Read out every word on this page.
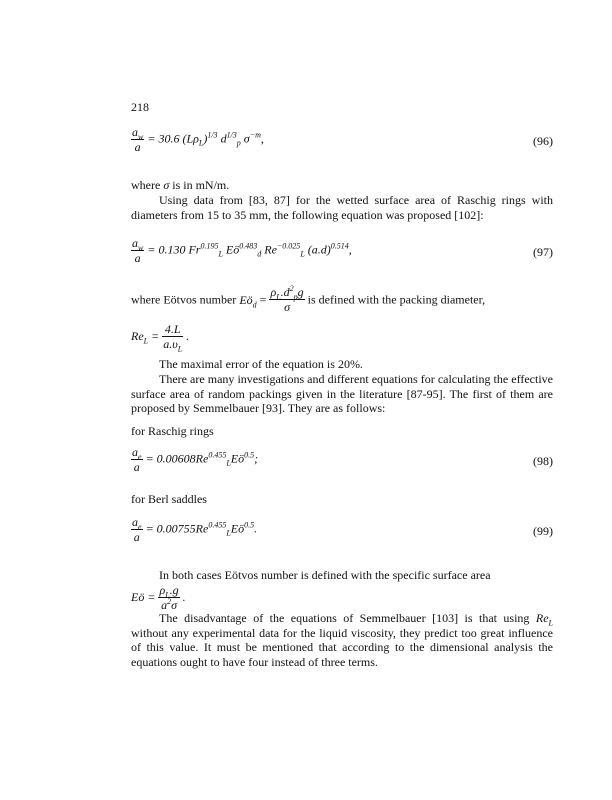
218
$\frac{a_w}{a} = 30.6$ $(L\rho_L)^{1/3}$ $d^{1/3}_p$ $\sigma^{-m}$,	(96)
where σ is in mN/m.
Using data from [83, 87] for the wetted surface area of Raschig rings with diameters from 15 to 35 mm, the following equation was proposed [102]:
$\frac{a_w}{a} = 0.130$ $Fr^{0.195}_L$ $Eö^{0.483}_d$ $Re^{-0.025}_L$ $(a.d)^{0.514}$,	(97)
where Eötvos number $Eö_d = \frac{\rho_L.d^2_pg}{\sigma}$ is defined with the packing diameter,
$Re_L = \frac{4.L}{a.\upsilon_L}$ .
The maximal error of the equation is 20%.
There are many investigations and different equations for calculating the effective surface area of random packings given in the literature [87-95]. The first of them are proposed by Semmelbauer [93]. They are as follows:
for Raschig rings
$\frac{a_e}{a}$ = $0.00608Re^{0.455}_LEö^{0.5}$;	(98)
for Berl saddles
$\frac{a_e}{a}$ = $0.00755Re^{0.455}_LEö^{0.5}$.	(99)
In both cases Eötvos number is defined with the specific surface area
Eö = $\frac{\rho_L.g}{a^2\sigma}$ .
The disadvantage of the equations of Semmelbauer [103] is that using $Re_L$ without any experimental data for the liquid viscosity, they predict too great influence of this value. It must be mentioned that according to the dimensional analysis the equations ought to have four instead of three terms.
